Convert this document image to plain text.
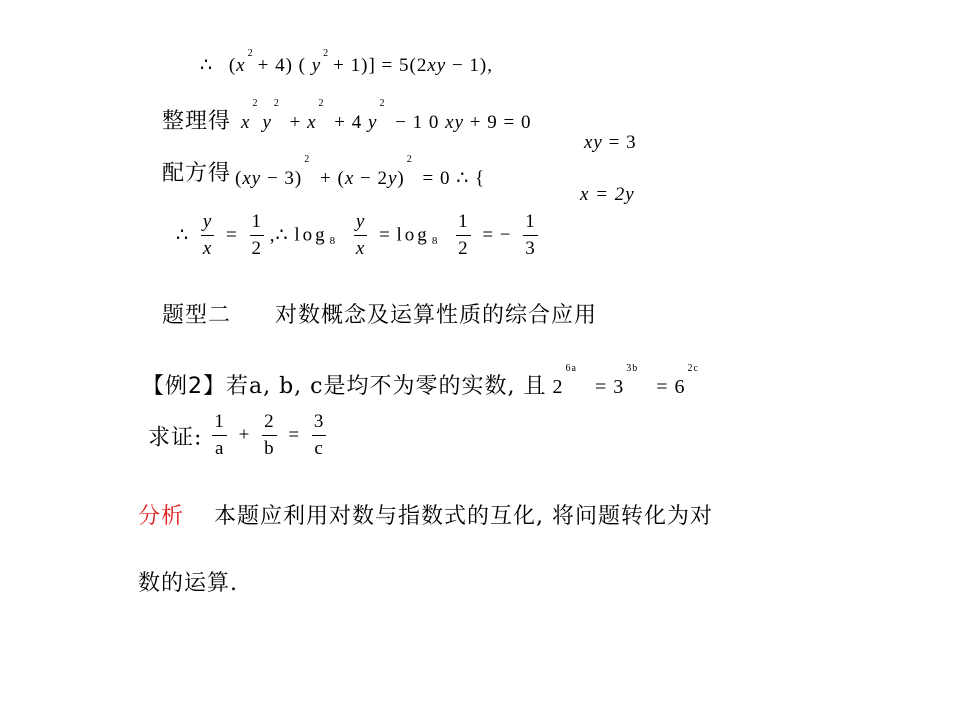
∴ $(x^2+ 4)$ ( $y^2+ 1)] = 5(2xy - 1)$,
整理得 $x^2y^2 + x^2 + 4$ $y^2 - 1$ 0 xy + 9 = 0
配方得 $(xy - 3)^2 + (x - 2y)^2 = 0$ ∴ {
xy = 3
x = 2y
∴ $\frac{y}{x} = \frac{1}{2}$ ,∴ $\log _8 \frac{y}{x} = \log _8 \frac{1}{2}$ = − $\frac{1}{3}$
题型二 对数概念及运算性质的综合应用
【例2】若a, b, c是均不为零的实数, 且 $2^{6a} = 3^{3b} = 6^{2c}$
求证: $\frac{1}{a} + \frac{2}{b} = \frac{3}{c}$
分析 本题应利用对数与指数式的互化, 将问题转化为对
数的运算.
